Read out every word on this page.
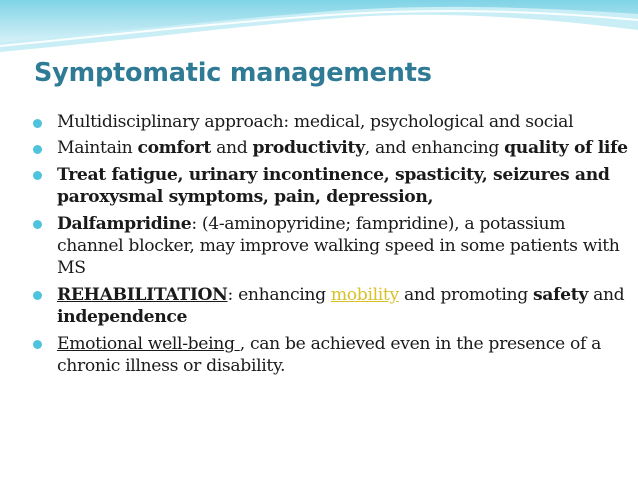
Symptomatic managements
Multidisciplinary approach: medical, psychological and social
Maintain comfort and productivity, and enhancing quality of life
Treat fatigue, urinary incontinence, spasticity, seizures and paroxysmal symptoms, pain, depression,
Dalfampridine: (4-aminopyridine; fampridine), a potassium channel blocker, may improve walking speed in some patients with MS
REHABILITATION: enhancing mobility and promoting safety and independence
Emotional well-being , can be achieved even in the presence of a chronic illness or disability.
